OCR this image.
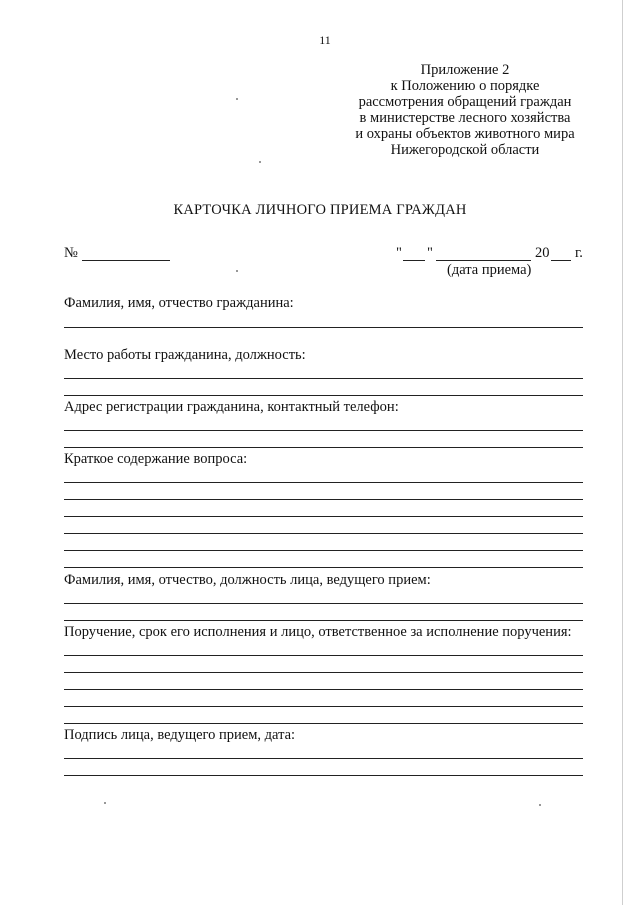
11
Приложение 2
к Положению о порядке
рассмотрения обращений граждан
в министерстве лесного хозяйства
и охраны объектов животного мира
Нижегородской области
КАРТОЧКА ЛИЧНОГО ПРИЕМА ГРАЖДАН
№	" "	20 г.
(дата приема)
Фамилия, имя, отчество гражданина:
Место работы гражданина, должность:
Адрес регистрации гражданина, контактный телефон:
Краткое содержание вопроса:
Фамилия, имя, отчество, должность лица, ведущего прием:
Поручение, срок его исполнения и лицо, ответственное за исполнение поручения:
Подпись лица, ведущего прием, дата:
